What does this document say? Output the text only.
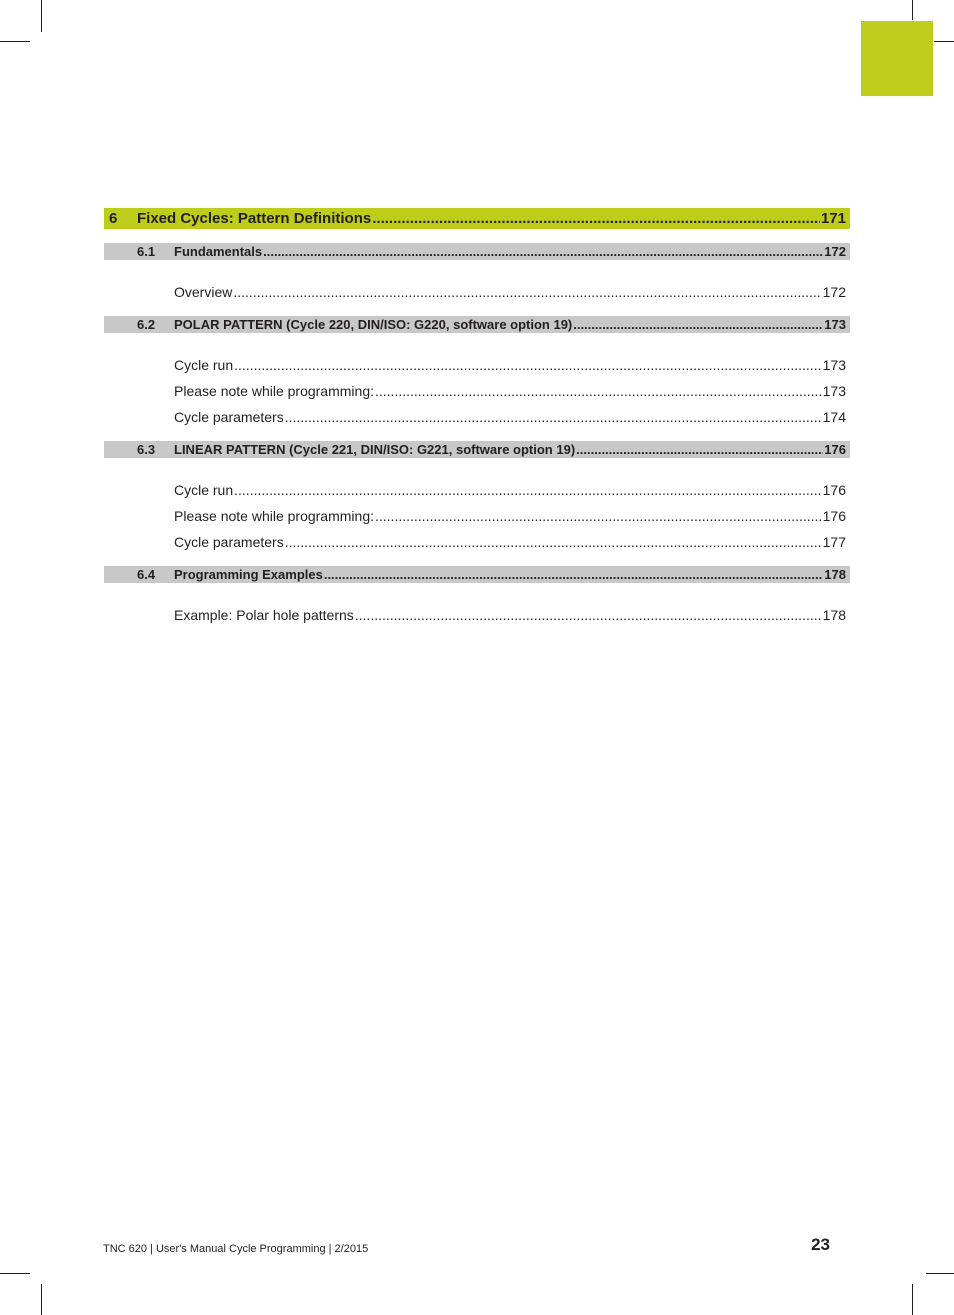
6	Fixed Cycles: Pattern Definitions .....	171
6.1	Fundamentals .....	172
Overview .....	172
6.2	POLAR PATTERN (Cycle 220, DIN/ISO: G220, software option 19) .....	173
Cycle run .....	173
Please note while programming: .....	173
Cycle parameters .....	174
6.3	LINEAR PATTERN (Cycle 221, DIN/ISO: G221, software option 19) .....	176
Cycle run .....	176
Please note while programming: .....	176
Cycle parameters .....	177
6.4	Programming Examples .....	178
Example: Polar hole patterns .....	178
TNC 620 | User's Manual Cycle Programming | 2/2015	23
